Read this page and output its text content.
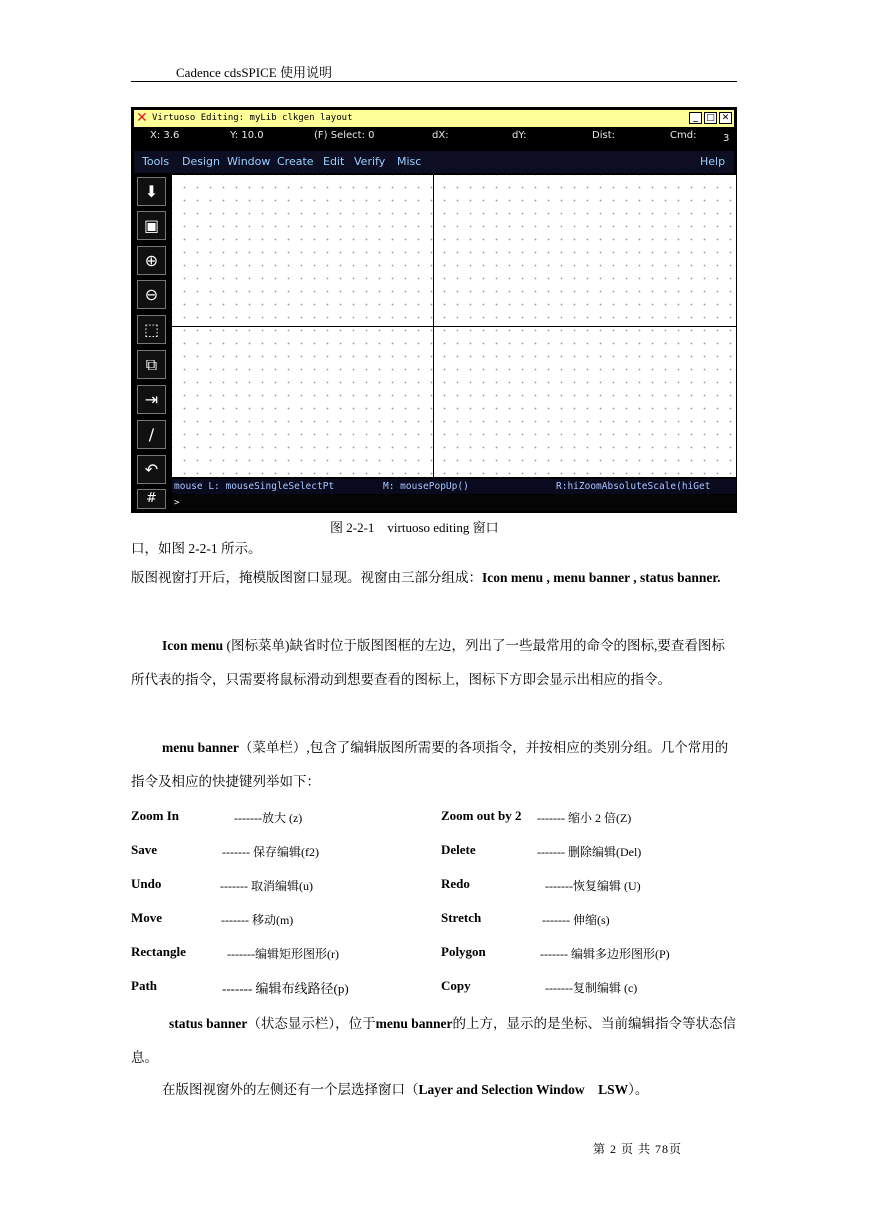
Cadence cdsSPICE 使用说明
✕ Virtuoso Editing: myLib clkgen layout	_ □ ✕
X: 3.6	Y: 10.0	(F) Select: 0	dX:	dY:	Dist:	Cmd:	3
Tools Design Window Create Edit Verify Misc	Help
⬇
▣
⊕
⊖
⬚
⧉
⇥
∕
↶
#
mouse L: mouseSingleSelectPt	M: mousePopUp()	R:hiZoomAbsoluteScale(hiGet
>
图 2-2-1　virtuoso editing 窗口
口，如图 2-2-1 所示。
版图视窗打开后，掩模版图窗口显现。视窗由三部分组成：Icon menu , menu banner , status banner.
Icon menu (图标菜单)缺省时位于版图图框的左边，列出了一些最常用的命令的图标,要查看图标所代表的指令，只需要将鼠标滑动到想要查看的图标上，图标下方即会显示出相应的指令。
menu banner（菜单栏）,包含了编辑版图所需要的各项指令，并按相应的类别分组。几个常用的指令及相应的快捷键列举如下：
Zoom In	-------放大 (z)	Zoom out by 2 ------- 缩小 2 倍(Z)
Save	------- 保存编辑(f2)	Delete	------- 删除编辑(Del)
Undo	------- 取消编辑(u)	Redo	-------恢复编辑 (U)
Move	------- 移动(m)	Stretch	------- 伸缩(s)
Rectangle	-------编辑矩形图形(r)	Polygon	------- 编辑多边形图形(P)
Path	------- 编辑布线路径(p)	Copy	-------复制编辑 (c)
status banner（状态显示栏），位于menu banner的上方，显示的是坐标、当前编辑指令等状态信息。
在版图视窗外的左侧还有一个层选择窗口（Layer and Selection Window　LSW）。
第 2 页 共 78页
